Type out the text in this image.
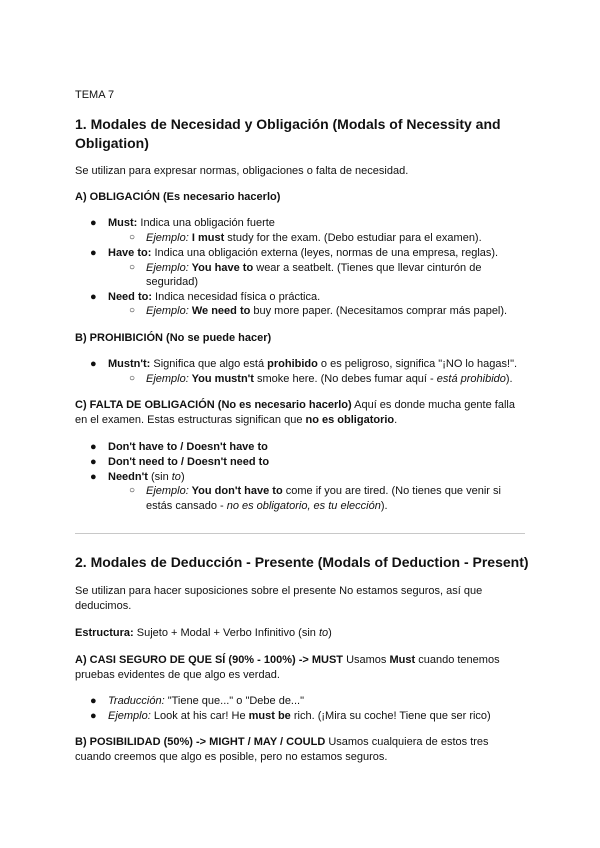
TEMA 7
1. Modales de Necesidad y Obligación (Modals of Necessity and
Obligation)
Se utilizan para expresar normas, obligaciones o falta de necesidad.
A) OBLIGACIÓN (Es necesario hacerlo)
● Must: Indica una obligación fuerte
○ Ejemplo: I must study for the exam. (Debo estudiar para el examen).
● Have to: Indica una obligación externa (leyes, normas de una empresa, reglas).
○ Ejemplo: You have to wear a seatbelt. (Tienes que llevar cinturón de
seguridad)
● Need to: Indica necesidad física o práctica.
○ Ejemplo: We need to buy more paper. (Necesitamos comprar más papel).
B) PROHIBICIÓN (No se puede hacer)
● Mustn't: Significa que algo está prohibido o es peligroso, significa "¡NO lo hagas!".
○ Ejemplo: You mustn't smoke here. (No debes fumar aquí - está prohibido).
C) FALTA DE OBLIGACIÓN (No es necesario hacerlo) Aquí es donde mucha gente falla
en el examen. Estas estructuras significan que no es obligatorio.
● Don't have to / Doesn't have to
● Don't need to / Doesn't need to
● Needn't (sin to)
○ Ejemplo: You don't have to come if you are tired. (No tienes que venir si
estás cansado - no es obligatorio, es tu elección).
2. Modales de Deducción - Presente (Modals of Deduction - Present)
Se utilizan para hacer suposiciones sobre el presente No estamos seguros, así que
deducimos.
Estructura: Sujeto + Modal + Verbo Infinitivo (sin to)
A) CASI SEGURO DE QUE SÍ (90% - 100%) -> MUST Usamos Must cuando tenemos
pruebas evidentes de que algo es verdad.
● Traducción: "Tiene que..." o "Debe de..."
● Ejemplo: Look at his car! He must be rich. (¡Mira su coche! Tiene que ser rico)
B) POSIBILIDAD (50%) -> MIGHT / MAY / COULD Usamos cualquiera de estos tres
cuando creemos que algo es posible, pero no estamos seguros.
